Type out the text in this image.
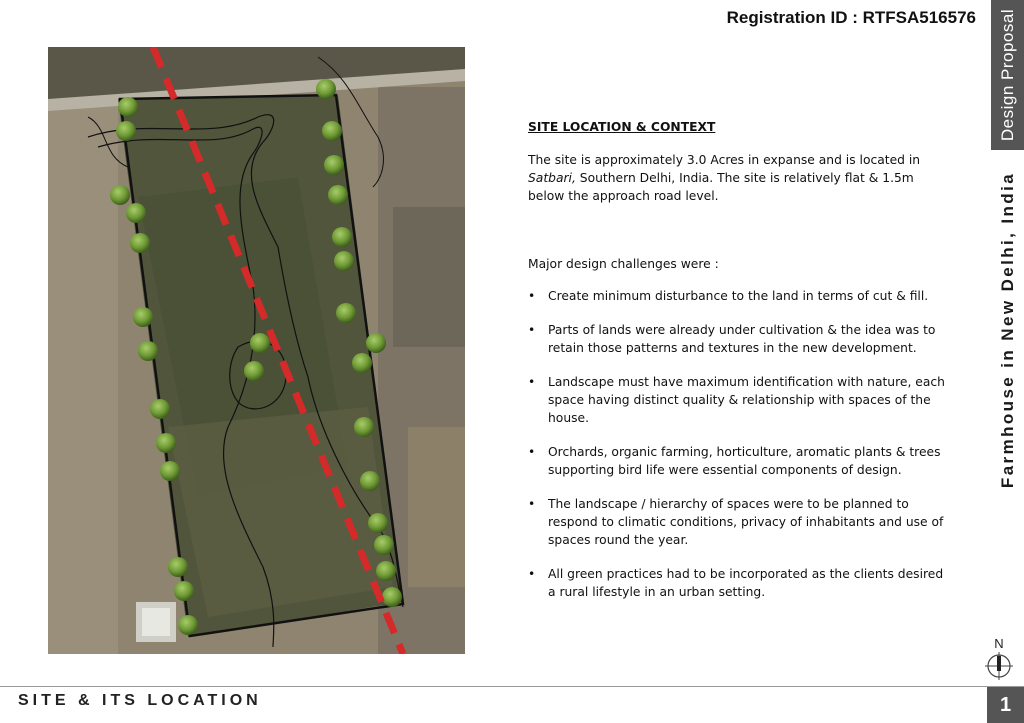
Registration ID : RTFSA516576 Design Proposal
Farmhouse in New Delhi, India

SITE LOCATION & CONTEXT

The site is approximately 3.0 Acres in expanse and is located in Satbari, Southern Delhi, India. The site is relatively flat & 1.5m below the approach road level.

Major design challenges were :

• Create minimum disturbance to the land in terms of cut & fill.
• Parts of lands were already under cultivation & the idea was to retain those patterns and textures in the new development.
• Landscape must have maximum identification with nature, each space having distinct quality & relationship with spaces of the house.
• Orchards, organic farming, horticulture, aromatic plants & trees supporting bird life were essential components of design.
• The landscape / hierarchy of spaces were to be planned to respond to climatic conditions, privacy of inhabitants and use of spaces round the year.
• All green practices had to be incorporated as the clients desired a rural lifestyle in an urban setting.
N
SITE & ITS LOCATION	1
